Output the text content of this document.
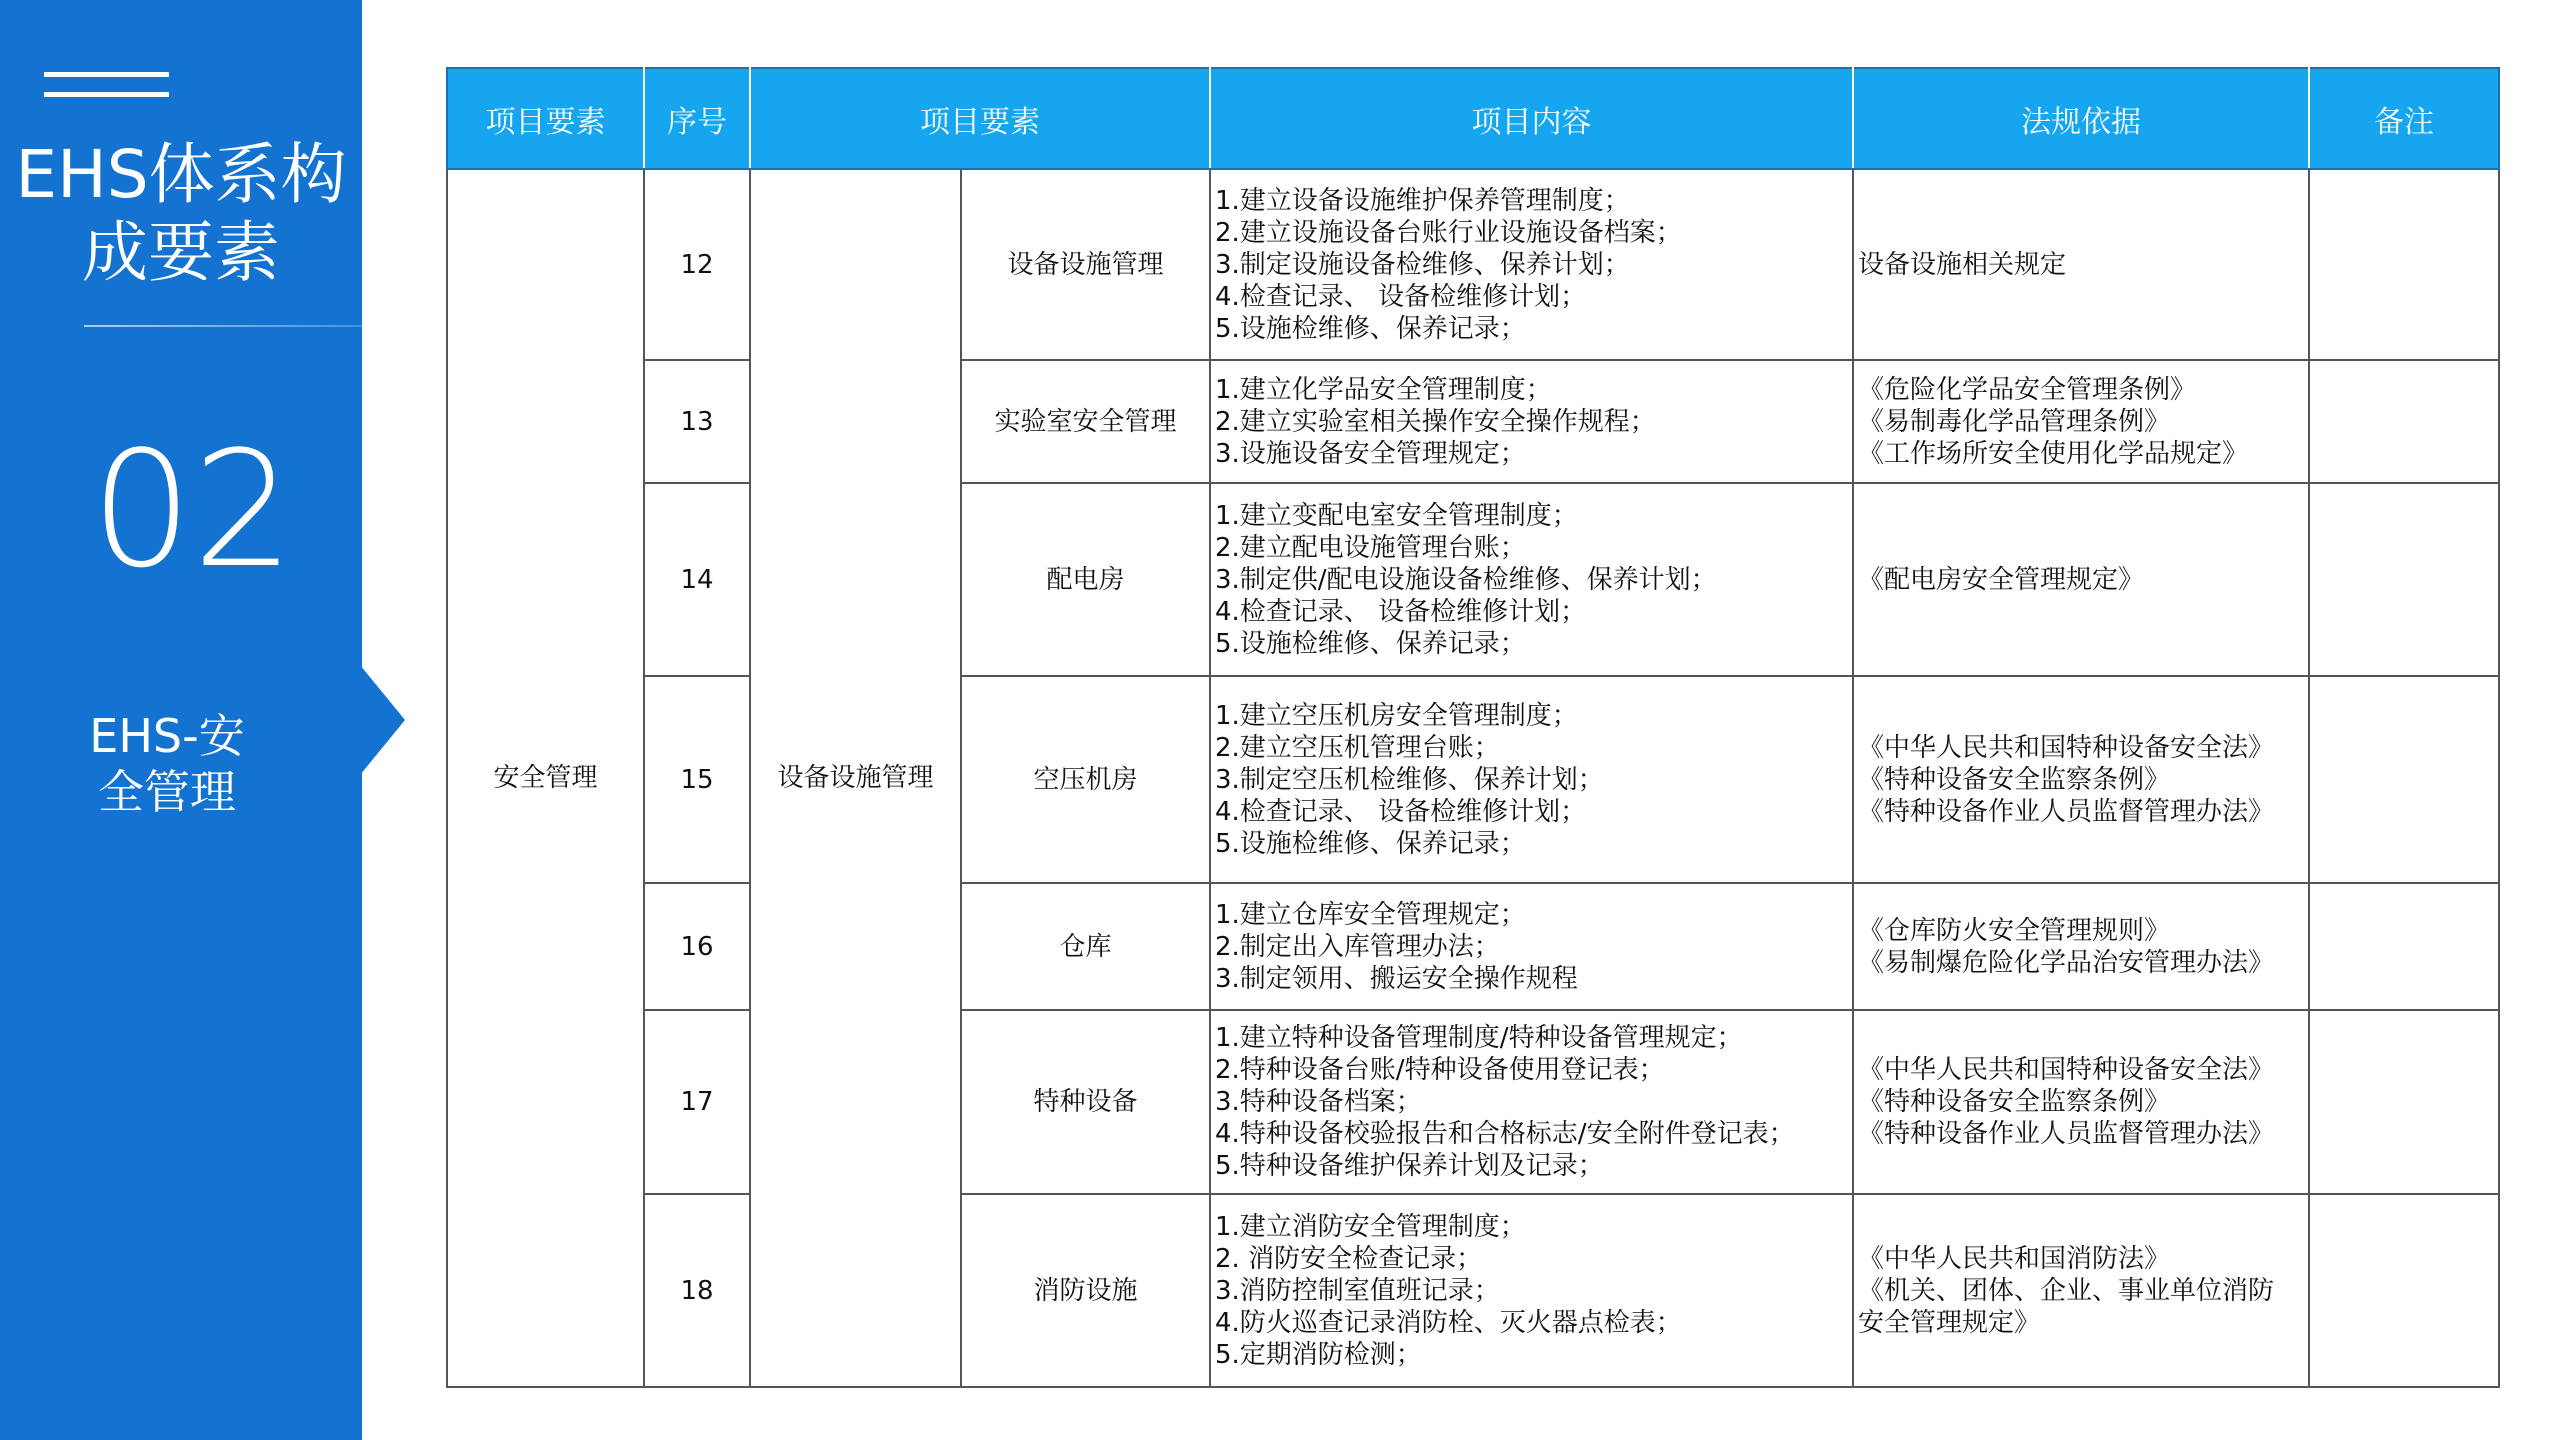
EHS体系构
成要素
02
EHS-安
全管理
项目要素	序号	项目要素		项目内容	法规依据	备注
安全管理	12	设备设施管理	设备设施管理	1.建立设备设施维护保养管理制度；
2.建立设施设备台账行业设施设备档案；
3.制定设施设备检维修、保养计划；
4.检查记录、 设备检维修计划；
5.设施检维修、保养记录；	设备设施相关规定	

	13		实验室安全管理	1.建立化学品安全管理制度；
2.建立实验室相关操作安全操作规程；
3.设施设备安全管理规定；	《危险化学品安全管理条例》
《易制毒化学品管理条例》
《工作场所安全使用化学品规定》	

	14		配电房	1.建立变配电室安全管理制度；
2.建立配电设施管理台账；
3.制定供/配电设施设备检维修、保养计划；
4.检查记录、 设备检维修计划；
5.设施检维修、保养记录；	《配电房安全管理规定》	

	15		空压机房	1.建立空压机房安全管理制度；
2.建立空压机管理台账；
3.制定空压机检维修、保养计划；
4.检查记录、 设备检维修计划；
5.设施检维修、保养记录；	《中华人民共和国特种设备安全法》
《特种设备安全监察条例》
《特种设备作业人员监督管理办法》	

	16		仓库	1.建立仓库安全管理规定；
2.制定出入库管理办法；
3.制定领用、搬运安全操作规程	《仓库防火安全管理规则》
《易制爆危险化学品治安管理办法》	

	17		特种设备	1.建立特种设备管理制度/特种设备管理规定；
2.特种设备台账/特种设备使用登记表；
3.特种设备档案；
4.特种设备校验报告和合格标志/安全附件登记表；
5.特种设备维护保养计划及记录；	《中华人民共和国特种设备安全法》
《特种设备安全监察条例》
《特种设备作业人员监督管理办法》	

	18		消防设施	1.建立消防安全管理制度；
2. 消防安全检查记录；
3.消防控制室值班记录；
4.防火巡查记录消防栓、灭火器点检表；
5.定期消防检测；	《中华人民共和国消防法》
《机关、团体、企业、事业单位消防
安全管理规定》	
